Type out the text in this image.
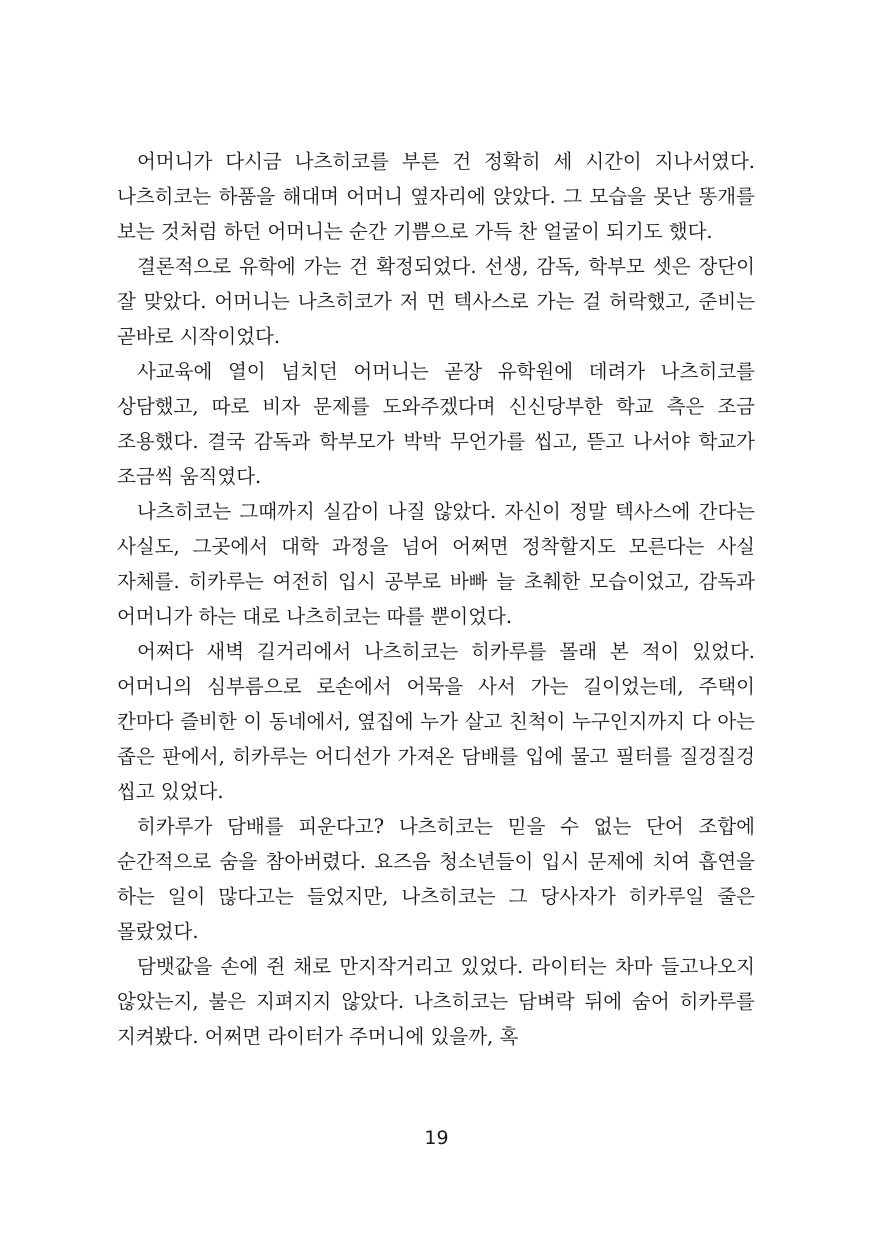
어머니가 다시금 나츠히코를 부른 건 정확히 세 시간이 지나서였다. 나츠히코는 하품을 해대며 어머니 옆자리에 앉았다. 그 모습을 못난 똥개를 보는 것처럼 하던 어머니는 순간 기쁨으로 가득 찬 얼굴이 되기도 했다.

결론적으로 유학에 가는 건 확정되었다. 선생, 감독, 학부모 셋은 장단이 잘 맞았다. 어머니는 나츠히코가 저 먼 텍사스로 가는 걸 허락했고, 준비는 곧바로 시작이었다.

사교육에 열이 넘치던 어머니는 곧장 유학원에 데려가 나츠히코를 상담했고, 따로 비자 문제를 도와주겠다며 신신당부한 학교 측은 조금 조용했다. 결국 감독과 학부모가 박박 무언가를 씹고, 뜯고 나서야 학교가 조금씩 움직였다.

나츠히코는 그때까지 실감이 나질 않았다. 자신이 정말 텍사스에 간다는 사실도, 그곳에서 대학 과정을 넘어 어쩌면 정착할지도 모른다는 사실 자체를. 히카루는 여전히 입시 공부로 바빠 늘 초췌한 모습이었고, 감독과 어머니가 하는 대로 나츠히코는 따를 뿐이었다.

어쩌다 새벽 길거리에서 나츠히코는 히카루를 몰래 본 적이 있었다. 어머니의 심부름으로 로손에서 어묵을 사서 가는 길이었는데, 주택이 칸마다 즐비한 이 동네에서, 옆집에 누가 살고 친척이 누구인지까지 다 아는 좁은 판에서, 히카루는 어디선가 가져온 담배를 입에 물고 필터를 질겅질겅 씹고 있었다.

히카루가 담배를 피운다고? 나츠히코는 믿을 수 없는 단어 조합에 순간적으로 숨을 참아버렸다. 요즈음 청소년들이 입시 문제에 치여 흡연을 하는 일이 많다고는 들었지만, 나츠히코는 그 당사자가 히카루일 줄은 몰랐었다.

담뱃값을 손에 쥔 채로 만지작거리고 있었다. 라이터는 차마 들고나오지 않았는지, 불은 지펴지지 않았다. 나츠히코는 담벼락 뒤에 숨어 히카루를 지켜봤다. 어쩌면 라이터가 주머니에 있을까, 혹

19
